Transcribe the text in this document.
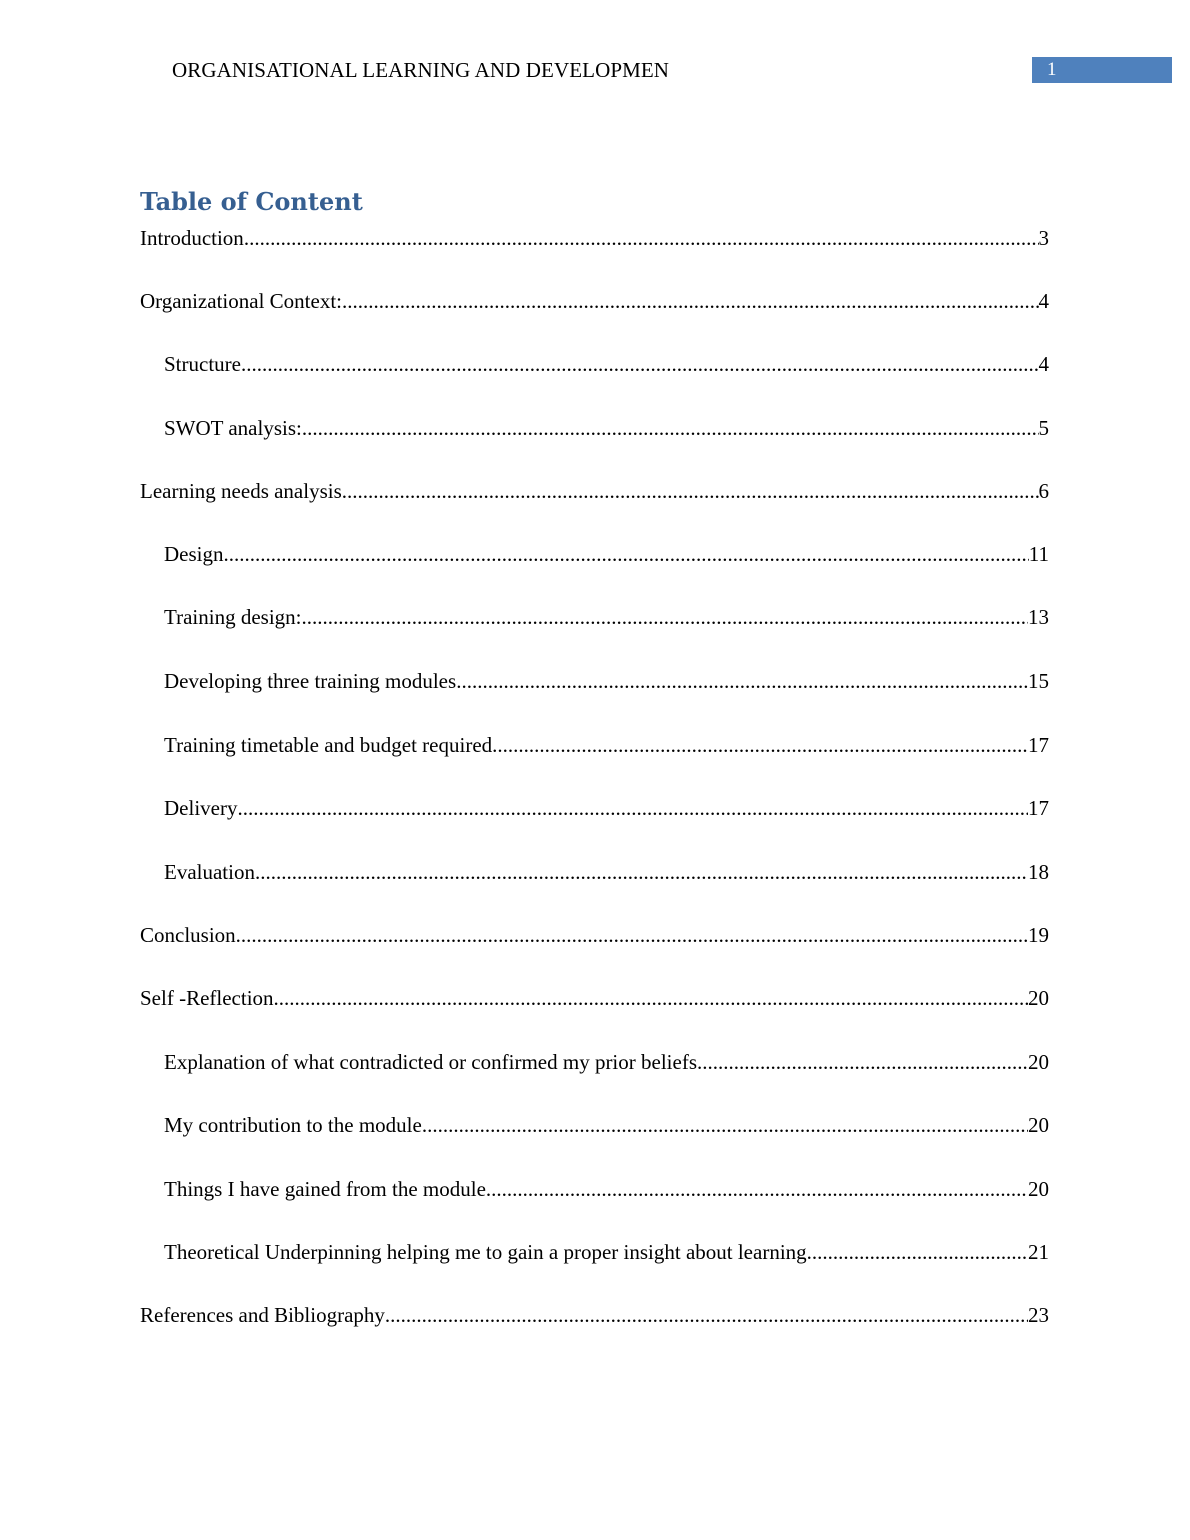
ORGANISATIONAL LEARNING AND DEVELOPMEN	1
Table of Content
Introduction .....	3
Organizational Context: .....	4
Structure .....	4
SWOT analysis: .....	5
Learning needs analysis .....	6
Design .....	11
Training design: .....	13
Developing three training modules .....	15
Training timetable and budget required .....	17
Delivery .....	17
Evaluation .....	18
Conclusion .....	19
Self -Reflection .....	20
Explanation of what contradicted or confirmed my prior beliefs .....	20
My contribution to the module .....	20
Things I have gained from the module .....	20
Theoretical Underpinning helping me to gain a proper insight about learning .....	21
References and Bibliography .....	23
